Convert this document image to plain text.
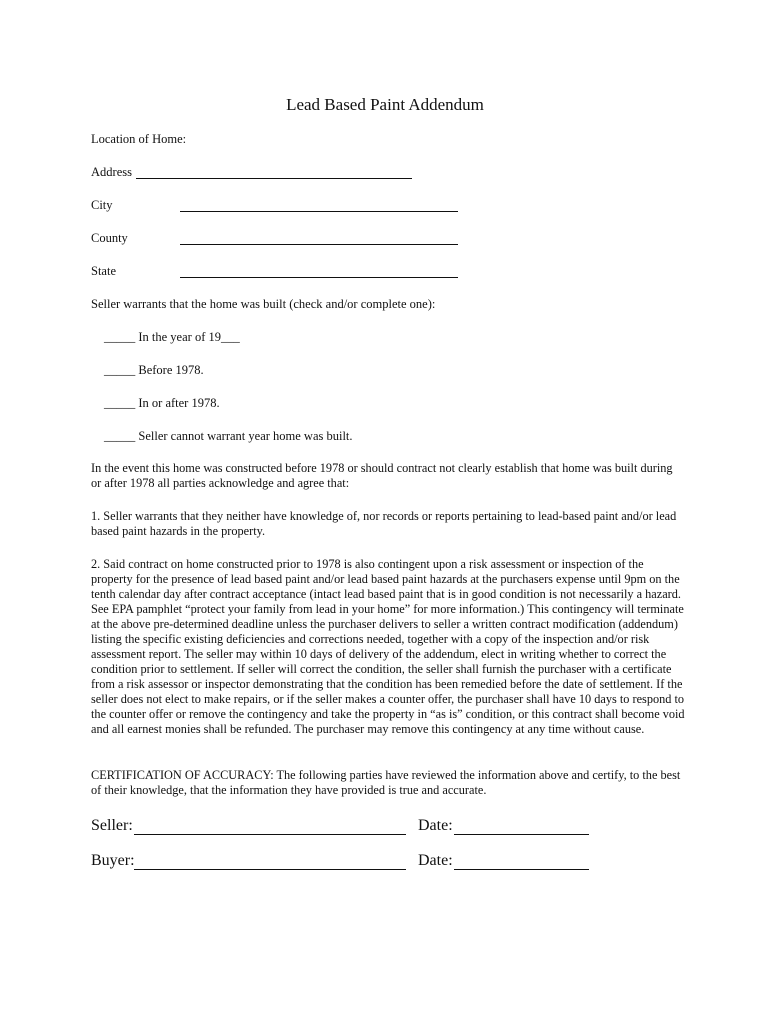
Lead Based Paint Addendum
Location of Home:
Address
City
County
State
Seller warrants that the home was built (check and/or complete one):
_____ In the year of 19___
_____ Before 1978.
_____ In or after 1978.
_____ Seller cannot warrant year home was built.
In the event this home was constructed before 1978 or should contract not clearly establish that home was built during or after 1978 all parties acknowledge and agree that:
1. Seller warrants that they neither have knowledge of, nor records or reports pertaining to lead-based paint and/or lead based paint hazards in the property.
2. Said contract on home constructed prior to 1978 is also contingent upon a risk assessment or inspection of the property for the presence of lead based paint and/or lead based paint hazards at the purchasers expense until 9pm on the tenth calendar day after contract acceptance (intact lead based paint that is in good condition is not necessarily a hazard. See EPA pamphlet “protect your family from lead in your home” for more information.) This contingency will terminate at the above pre-determined deadline unless the purchaser delivers to seller a written contract modification (addendum) listing the specific existing deficiencies and corrections needed, together with a copy of the inspection and/or risk assessment report. The seller may within 10 days of delivery of the addendum, elect in writing whether to correct the condition prior to settlement. If seller will correct the condition, the seller shall furnish the purchaser with a certificate from a risk assessor or inspector demonstrating that the condition has been remedied before the date of settlement. If the seller does not elect to make repairs, or if the seller makes a counter offer, the purchaser shall have 10 days to respond to the counter offer or remove the contingency and take the property in “as is” condition, or this contract shall become void and all earnest monies shall be refunded. The purchaser may remove this contingency at any time without cause.
CERTIFICATION OF ACCURACY: The following parties have reviewed the information above and certify, to the best of their knowledge, that the information they have provided is true and accurate.
Seller:	Date:
Buyer:	Date:
